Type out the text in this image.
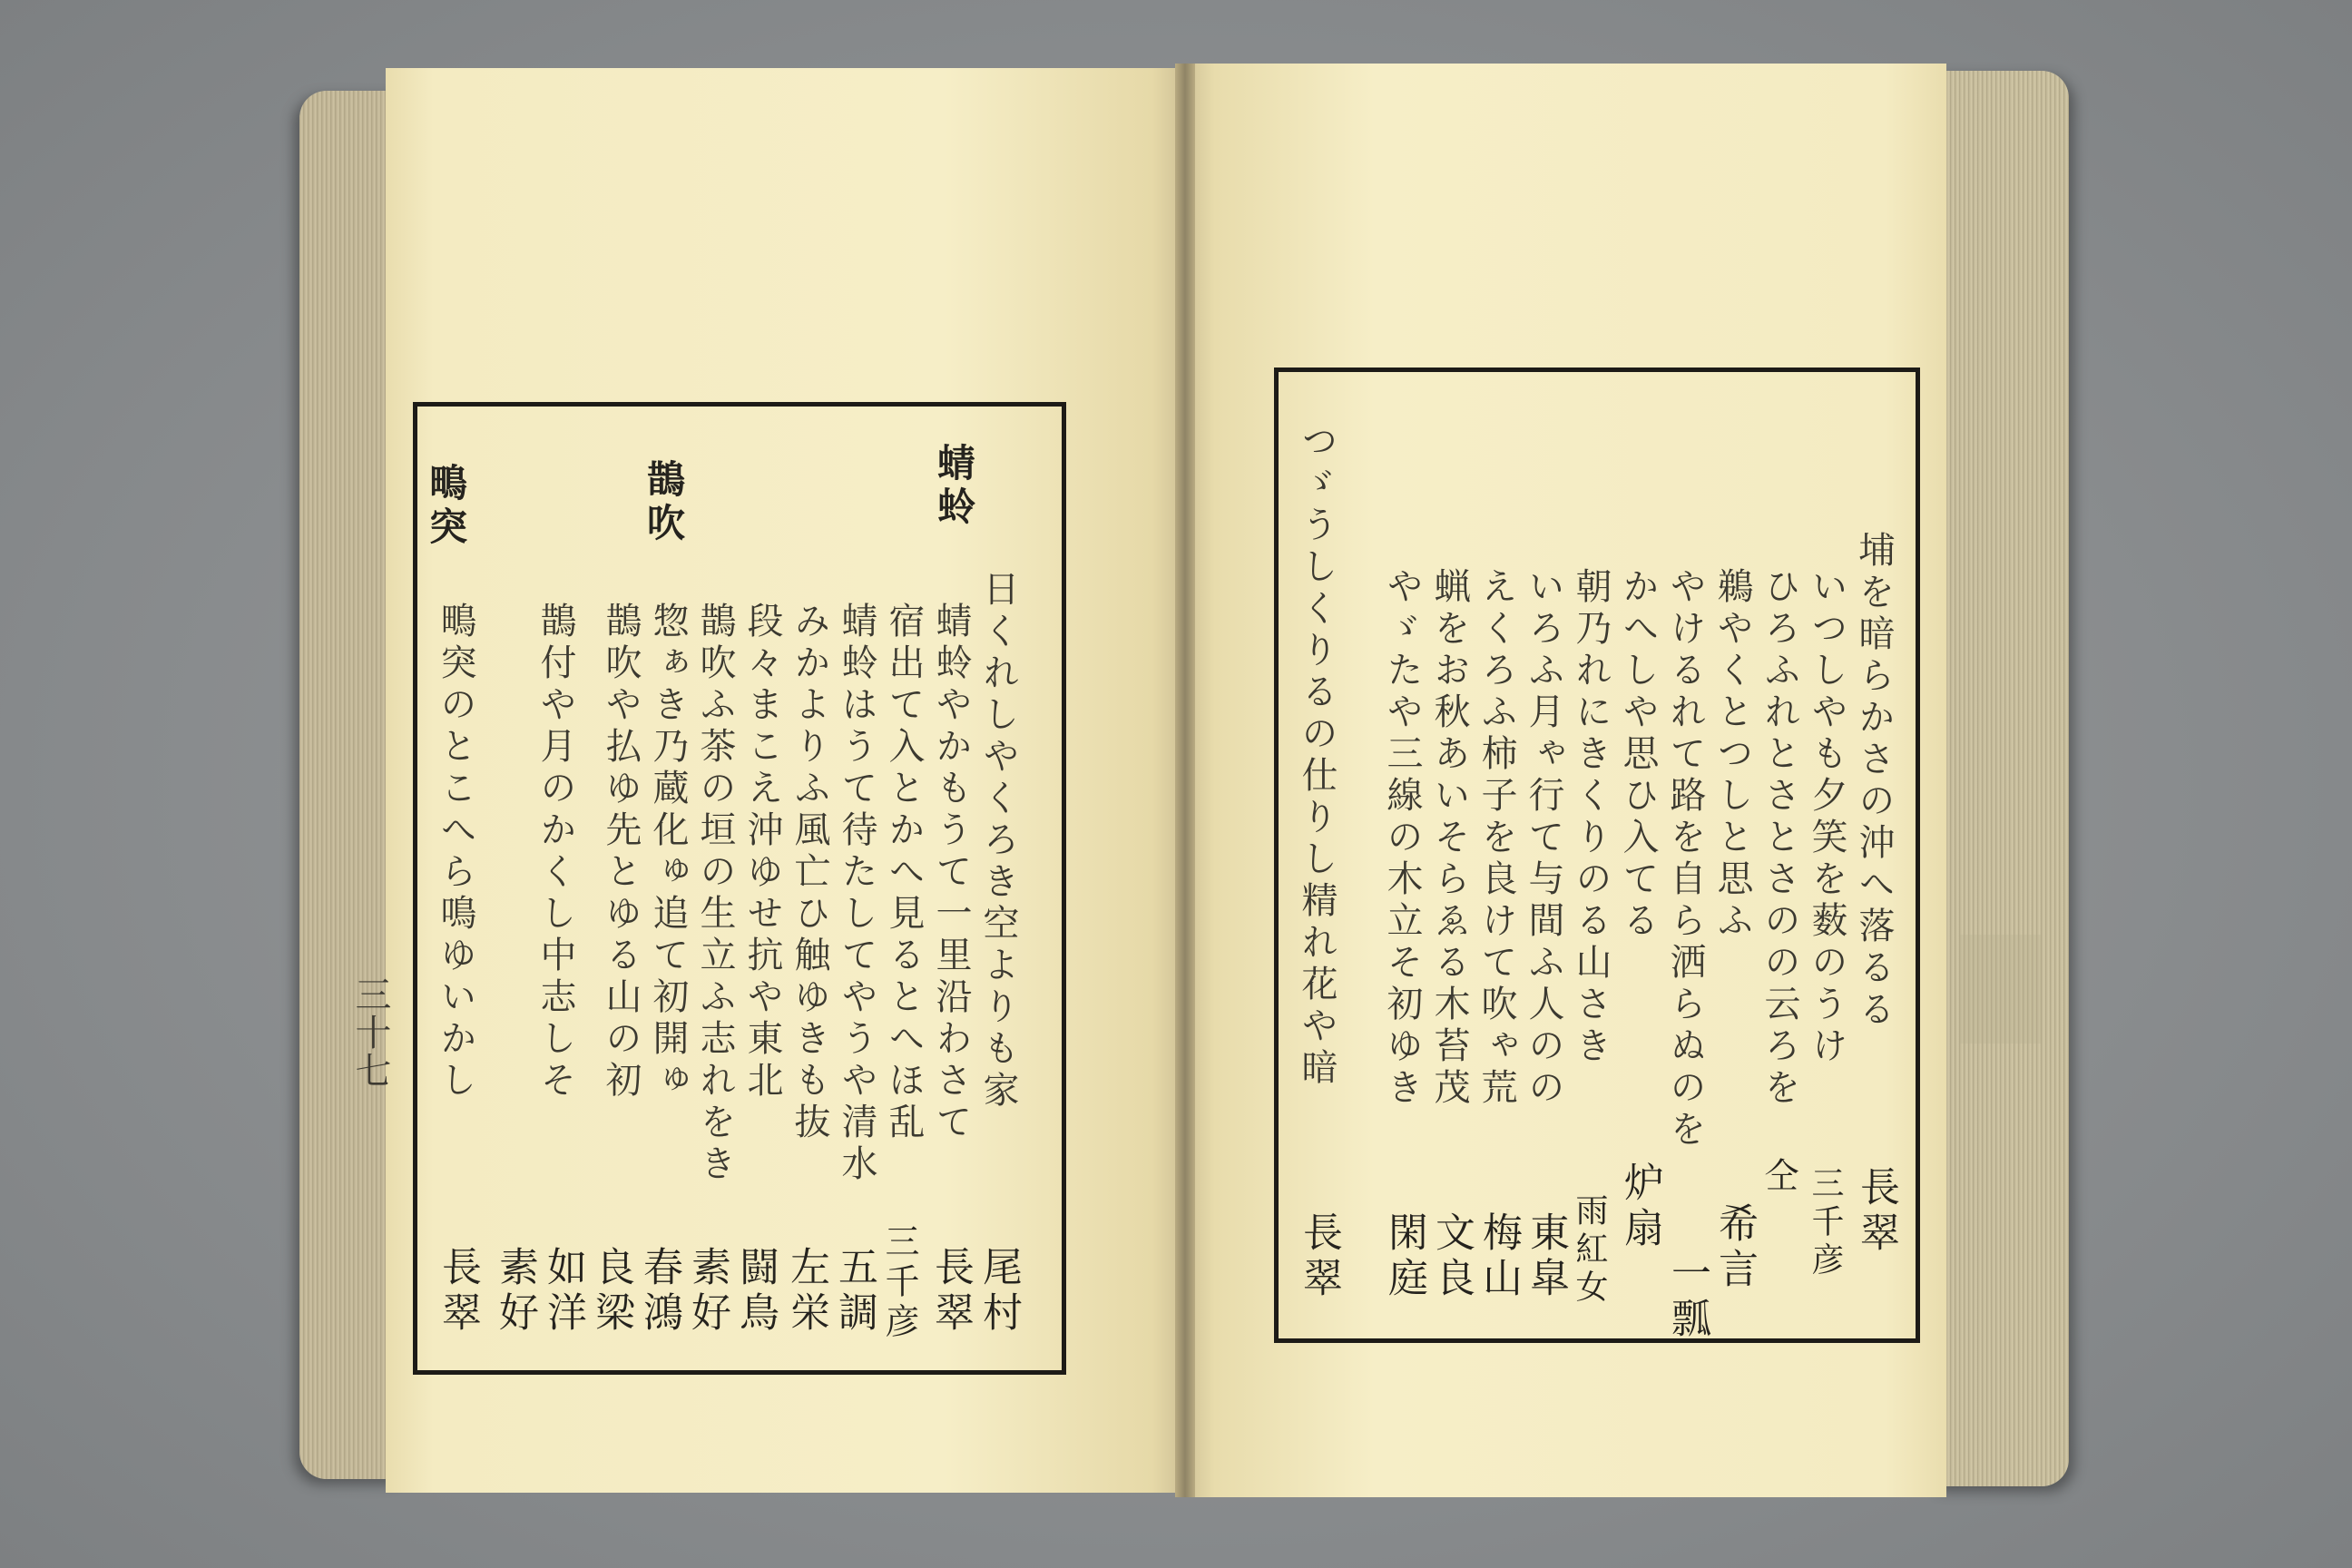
三十七
蜻蛉
鵲吹
鴫突
日くれしやくろき空よりも家
蜻蛉やかもうて一里沿わさて
宿出て入とかへ見るとへほ乱
蜻蛉はうて待たしてやうや清水
みかよりふ風亡ひ触ゆきも抜
段々まこえ沖ゆせ抗や東北
鵲吹ふ茶の垣の生立ふ志れをき
惣ぁき乃蔵化ゅ追て初開ゅ
鵲吹や払ゆ先とゆる山の初
鵲付や月のかくし中志しそ
鴫突のとこへら鳴ゆいかし
尾村
長翠
三千彦
五調
左栄
闘鳥
素好
春鴻
良梁
如洋
素好
長翠
埔を暗らかさの沖へ落るる
いつしやも夕笑を薮のうけ
ひろふれとさとさのの云ろを
鵜やくとつしと思ふ
やけるれて路を自ら洒らぬのを
かへしや思ひ入てる
朝乃れにきくりのる山さき
いろふ月ゃ行て与間ふ人のの
えくろふ柿子を良けて吹ゃ荒
蝋をお秋あいそらゑる木苔茂
やゞたや三線の木立そ初ゆき
つゞうしくりるの仕りし精れ花や暗
長翠
三千彦
仝
希言
一瓢
炉扇
雨紅女
東皐
梅山
文良
閑庭
長翠
